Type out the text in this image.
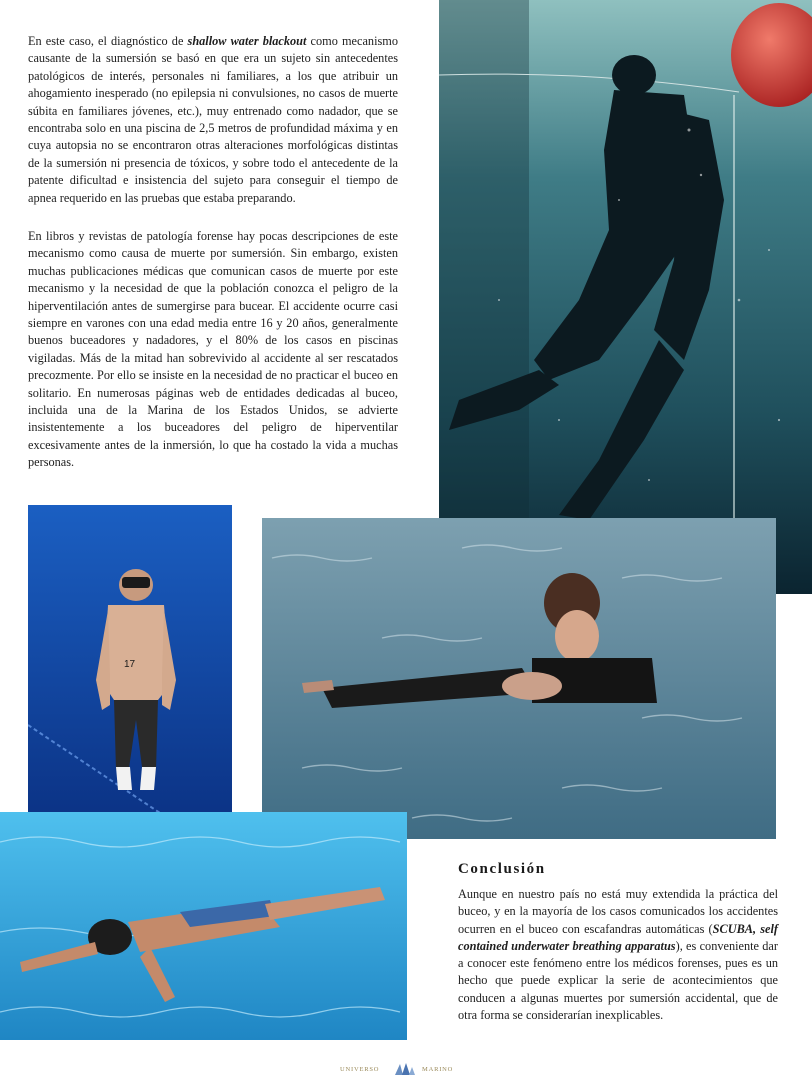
En este caso, el diagnóstico de shallow water blackout como mecanismo causante de la sumersión se basó en que era un sujeto sin antecedentes patológicos de interés, personales ni familiares, a los que atribuir un ahogamiento inesperado (no epilepsia ni convulsiones, no casos de muerte súbita en familiares jóvenes, etc.), muy entrenado como nadador, que se encontraba solo en una piscina de 2,5 metros de profundidad máxima y en cuya autopsia no se encontraron otras alteraciones morfológicas distintas de la sumersión ni presencia de tóxicos, y sobre todo el antecedente de la patente dificultad e insistencia del sujeto para conseguir el tiempo de apnea requerido en las pruebas que estaba preparando.

En libros y revistas de patología forense hay pocas descripciones de este mecanismo como causa de muerte por sumersión. Sin embargo, existen muchas publicaciones médicas que comunican casos de muerte por este mecanismo y la necesidad de que la población conozca el peligro de la hiperventilación antes de sumergirse para bucear. El accidente ocurre casi siempre en varones con una edad media entre 16 y 20 años, generalmente buenos buceadores y nadadores, y el 80% de los casos en piscinas vigiladas. Más de la mitad han sobrevivido al accidente al ser rescatados precozmente. Por ello se insiste en la necesidad de no practicar el buceo en solitario. En numerosas páginas web de entidades dedicadas al buceo, incluida una de la Marina de los Estados Unidos, se advierte insistentemente a los buceadores del peligro de hiperventilar excesivamente antes de la inmersión, lo que ha costado la vida a muchas personas.

17
Conclusión

Aunque en nuestro país no está muy extendida la práctica del buceo, y en la mayoría de los casos comunicados los accidentes ocurren en el buceo con escafandras automáticas (SCUBA, self contained underwater breathing apparatus), es conveniente dar a conocer este fenómeno entre los médicos forenses, pues es un hecho que puede explicar la serie de acontecimientos que conducen a algunas muertes por sumersión accidental, que de otra forma se considerarían inexplicables.

UNIVERSO	MARINO
